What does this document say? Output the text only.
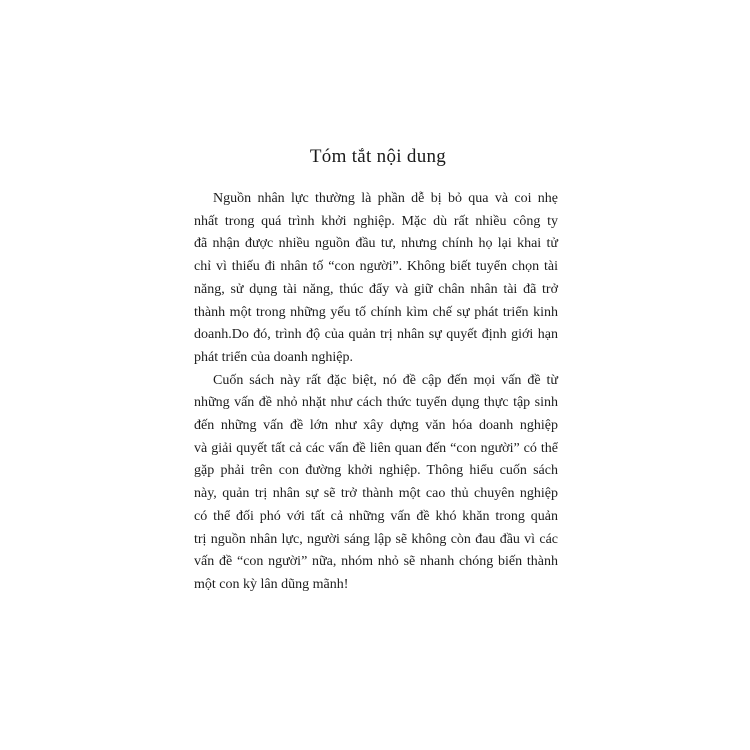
Tóm tắt nội dung
Nguồn nhân lực thường là phần dễ bị bỏ qua và coi nhẹ
nhất trong quá trình khởi nghiệp. Mặc dù rất nhiều công ty
đã nhận được nhiều nguồn đầu tư, nhưng chính họ lại khai tử
chỉ vì thiếu đi nhân tố “con người”. Không biết tuyển chọn tài
năng, sử dụng tài năng, thúc đẩy và giữ chân nhân tài đã trở
thành một trong những yếu tố chính kìm chế sự phát triển kinh
doanh.Do đó, trình độ của quản trị nhân sự quyết định giới hạn
phát triển của doanh nghiệp.
Cuốn sách này rất đặc biệt, nó đề cập đến mọi vấn đề từ
những vấn đề nhỏ nhặt như cách thức tuyển dụng thực tập sinh
đến những vấn đề lớn như xây dựng văn hóa doanh nghiệp
và giải quyết tất cả các vấn đề liên quan đến “con người” có thể
gặp phải trên con đường khởi nghiệp. Thông hiểu cuốn sách
này, quản trị nhân sự sẽ trở thành một cao thủ chuyên nghiệp
có thể đối phó với tất cả những vấn đề khó khăn trong quản
trị nguồn nhân lực, người sáng lập sẽ không còn đau đầu vì các
vấn đề “con người” nữa, nhóm nhỏ sẽ nhanh chóng biến thành
một con kỳ lân dũng mãnh!
